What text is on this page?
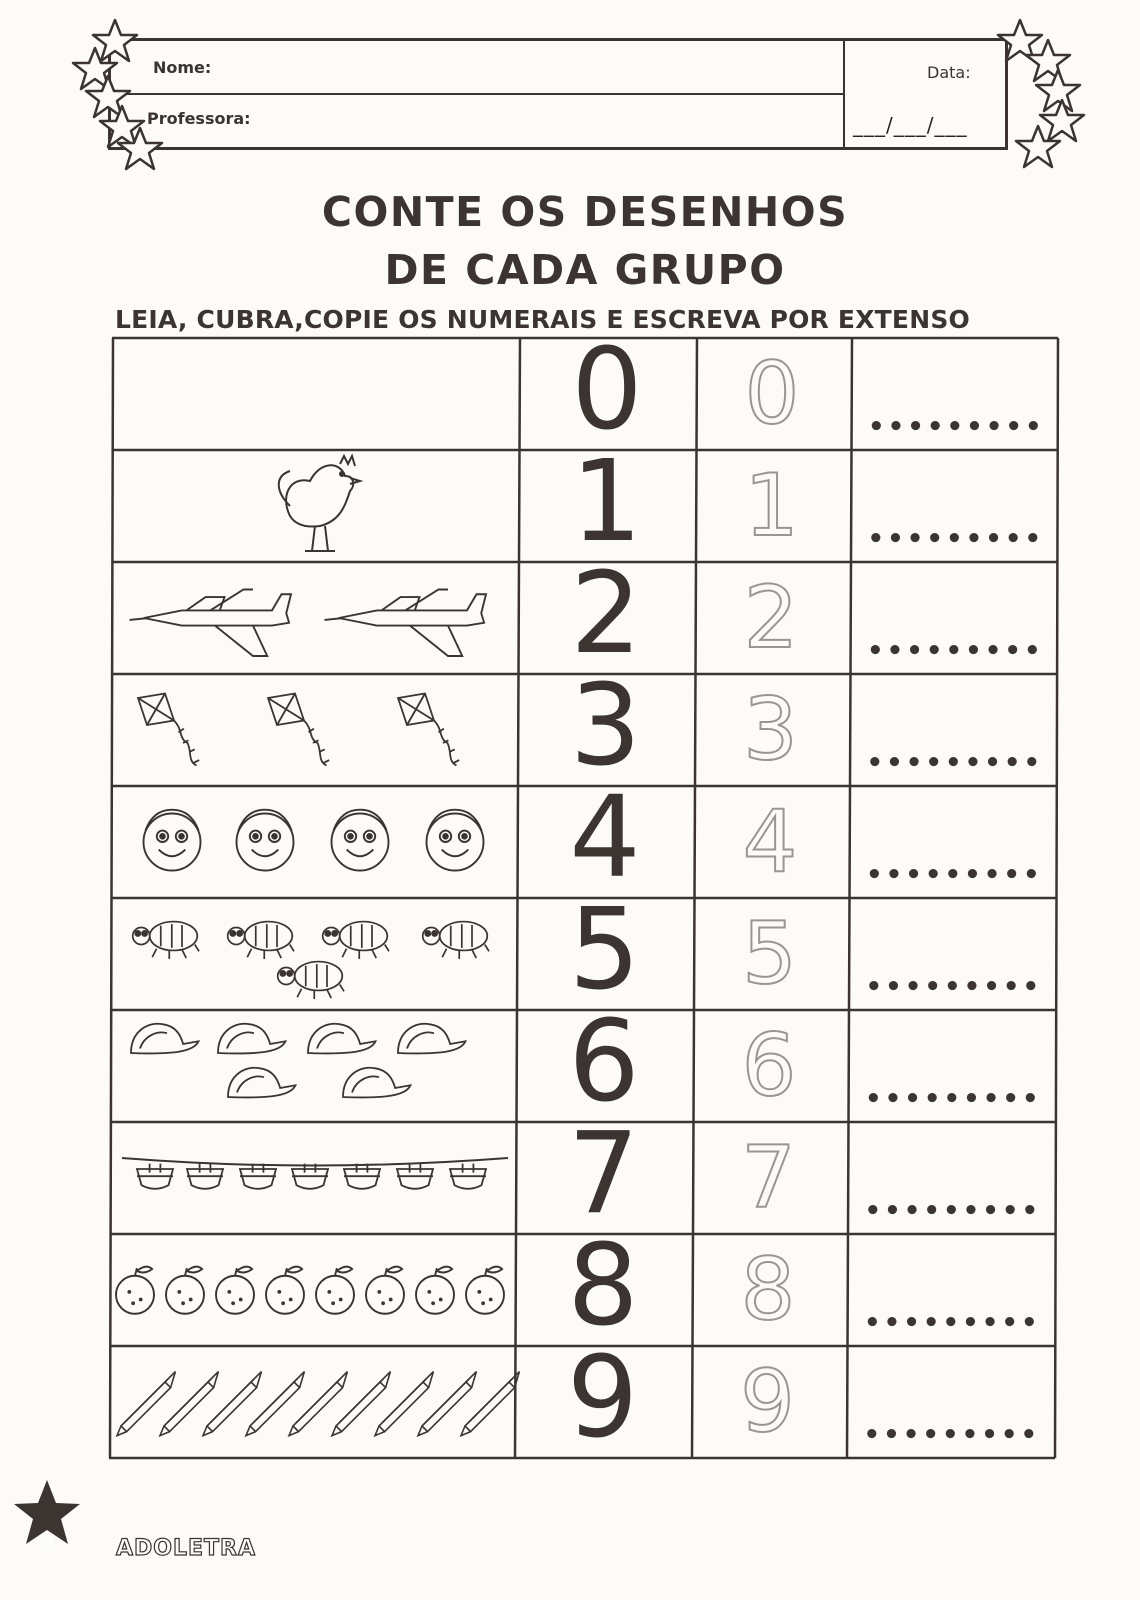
Nome:
Professora:
Data:
___/___/___
CONTE OS DESENHOS
DE CADA GRUPO
LEIA, CUBRA,COPIE OS NUMERAIS E ESCREVA POR EXTENSO
0	0	•••••••••
1	1	•••••••••
2	2	•••••••••
3	3	•••••••••
4	4	•••••••••
5	5	•••••••••
6	6	•••••••••
7	7	•••••••••
8	8	•••••••••
9	9	•••••••••
74	ADOLETRA
